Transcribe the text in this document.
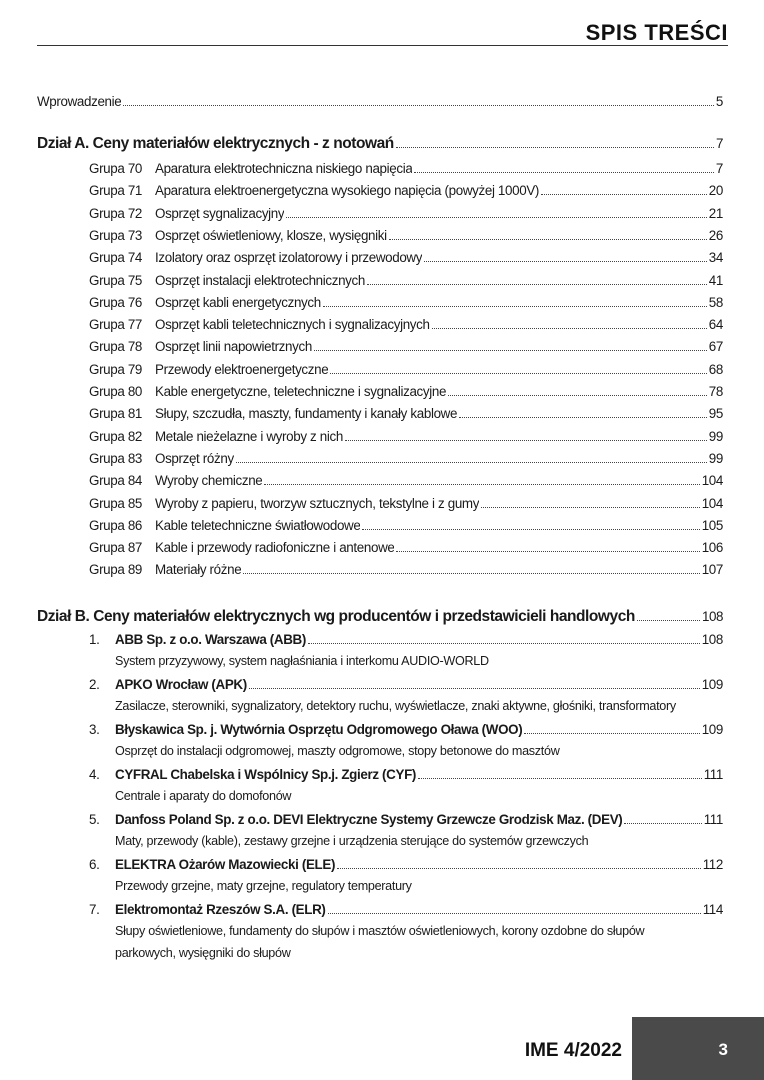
SPIS TREŚCI
Wprowadzenie	5
Dział A. Ceny materiałów elektrycznych - z notowań	7
Grupa 70 Aparatura elektrotechniczna niskiego napięcia	7
Grupa 71 Aparatura elektroenergetyczna wysokiego napięcia (powyżej 1000V)	20
Grupa 72 Osprzęt sygnalizacyjny	21
Grupa 73 Osprzęt oświetleniowy, klosze, wysięgniki	26
Grupa 74 Izolatory oraz osprzęt izolatorowy i przewodowy	34
Grupa 75 Osprzęt instalacji elektrotechnicznych	41
Grupa 76 Osprzęt kabli energetycznych	58
Grupa 77 Osprzęt kabli teletechnicznych i sygnalizacyjnych	64
Grupa 78 Osprzęt linii napowietrznych	67
Grupa 79 Przewody elektroenergetyczne	68
Grupa 80 Kable energetyczne, teletechniczne i sygnalizacyjne	78
Grupa 81 Słupy, szczudła, maszty, fundamenty i kanały kablowe	95
Grupa 82 Metale nieżelazne i wyroby z nich	99
Grupa 83 Osprzęt różny	99
Grupa 84 Wyroby chemiczne	104
Grupa 85 Wyroby z papieru, tworzyw sztucznych, tekstylne i z gumy	104
Grupa 86 Kable teletechniczne światłowodowe	105
Grupa 87 Kable i przewody radiofoniczne i antenowe	106
Grupa 89 Materiały różne	107
Dział B. Ceny materiałów elektrycznych wg producentów i przedstawicieli handlowych	108
1. ABB Sp. z o.o. Warszawa (ABB)	108
System przyzywowy, system nagłaśniania i interkomu AUDIO-WORLD
2. APKO Wrocław (APK)	109
Zasilacze, sterowniki, sygnalizatory, detektory ruchu, wyświetlacze, znaki aktywne, głośniki, transformatory
3. Błyskawica Sp. j. Wytwórnia Osprzętu Odgromowego Oława (WOO)	109
Osprzęt do instalacji odgromowej, maszty odgromowe, stopy betonowe do masztów
4. CYFRAL Chabelska i Wspólnicy Sp.j. Zgierz (CYF)	111
Centrale i aparaty do domofonów
5. Danfoss Poland Sp. z o.o. DEVI Elektryczne Systemy Grzewcze Grodzisk Maz. (DEV)	111
Maty, przewody (kable), zestawy grzejne i urządzenia sterujące do systemów grzewczych
6. ELEKTRA Ożarów Mazowiecki (ELE)	112
Przewody grzejne, maty grzejne, regulatory temperatury
7. Elektromontaż Rzeszów S.A. (ELR)	114
Słupy oświetleniowe, fundamenty do słupów i masztów oświetleniowych, korony ozdobne do słupów
parkowych, wysięgniki do słupów
IME 4/2022	3
